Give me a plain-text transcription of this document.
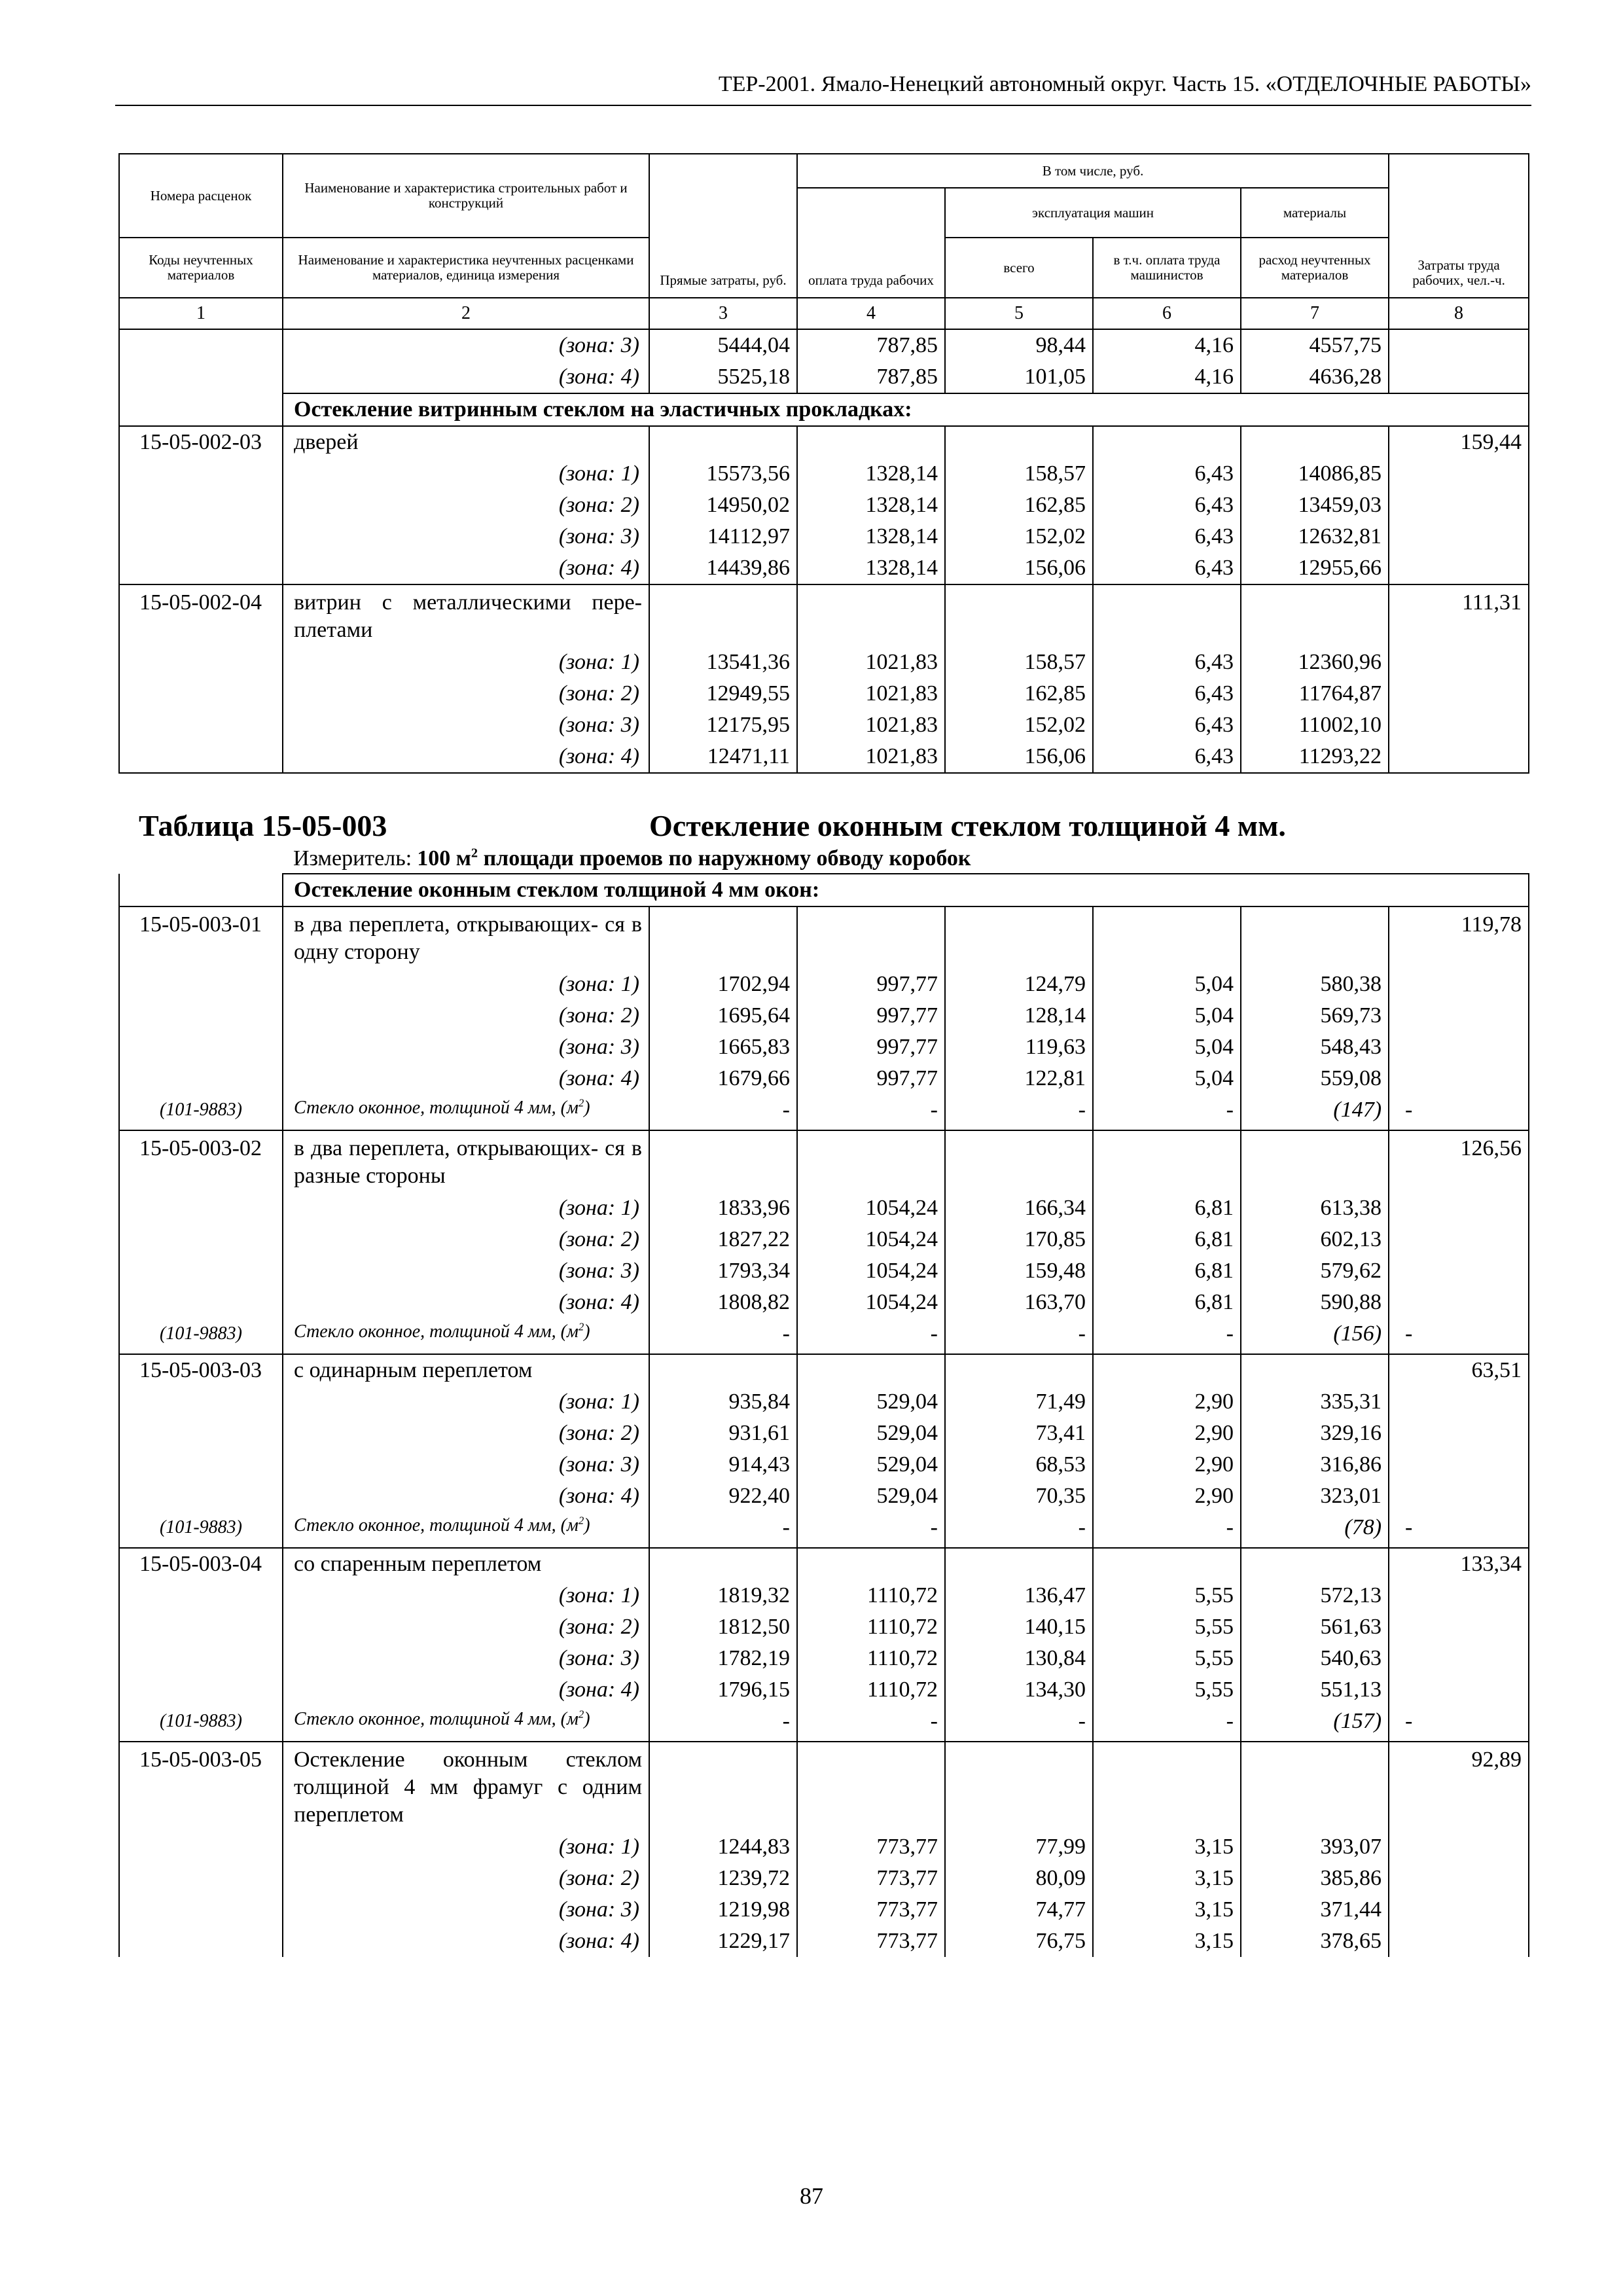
ТЕР-2001. Ямало-Ненецкий автономный округ. Часть 15. «ОТДЕЛОЧНЫЕ РАБОТЫ»
Номера расценок	Наименование и характеристика строительных работ и конструкций	Прямые затраты, руб.	В том числе, руб.				Затраты труда рабочих, чел.-ч.
			оплата труда рабочих	эксплуатация машин		материалы	
Коды неучтенных материалов	Наименование и характеристика неучтенных расценками материалов, единица измерения			всего	в т.ч. оплата труда машинистов	расход неучтенных материалов	
1	2	3	4	5	6	7	8
	(зона: 3)	5444,04	787,85	98,44	4,16	4557,75	
	(зона: 4)	5525,18	787,85	101,05	4,16	4636,28	
	Остекление витринным стеклом на эластичных прокладках:						
15-05-002-03	дверей						159,44
	(зона: 1)	15573,56	1328,14	158,57	6,43	14086,85	
	(зона: 2)	14950,02	1328,14	162,85	6,43	13459,03	
	(зона: 3)	14112,97	1328,14	152,02	6,43	12632,81	
	(зона: 4)	14439,86	1328,14	156,06	6,43	12955,66	
15-05-002-04	витрин с металлическими пере- плетами						111,31
	(зона: 1)	13541,36	1021,83	158,57	6,43	12360,96	
	(зона: 2)	12949,55	1021,83	162,85	6,43	11764,87	
	(зона: 3)	12175,95	1021,83	152,02	6,43	11002,10	
	(зона: 4)	12471,11	1021,83	156,06	6,43	11293,22	

Таблица 15-05-003		Остекление оконным стеклом толщиной 4 мм.					
	Измеритель: 100 $м^2$ площади проемов по наружному обводу коробок						
	Остекление оконным стеклом толщиной 4 мм окон:						
15-05-003-01	в два переплета, открывающих- ся в одну сторону						119,78
	(зона: 1)	1702,94	997,77	124,79	5,04	580,38	
	(зона: 2)	1695,64	997,77	128,14	5,04	569,73	
	(зона: 3)	1665,83	997,77	119,63	5,04	548,43	
	(зона: 4)	1679,66	997,77	122,81	5,04	559,08	
(101-9883)	Стекло оконное, толщиной 4 мм, $(м^2)$	-	-	-	-	(147)	-
15-05-003-02	в два переплета, открывающих- ся в разные стороны						126,56
	(зона: 1)	1833,96	1054,24	166,34	6,81	613,38	
	(зона: 2)	1827,22	1054,24	170,85	6,81	602,13	
	(зона: 3)	1793,34	1054,24	159,48	6,81	579,62	
	(зона: 4)	1808,82	1054,24	163,70	6,81	590,88	
(101-9883)	Стекло оконное, толщиной 4 мм, $(м^2)$	-	-	-	-	(156)	-
15-05-003-03	с одинарным переплетом						63,51
	(зона: 1)	935,84	529,04	71,49	2,90	335,31	
	(зона: 2)	931,61	529,04	73,41	2,90	329,16	
	(зона: 3)	914,43	529,04	68,53	2,90	316,86	
	(зона: 4)	922,40	529,04	70,35	2,90	323,01	
(101-9883)	Стекло оконное, толщиной 4 мм, $(м^2)$	-	-	-	-	(78)	-
15-05-003-04	со спаренным переплетом						133,34
	(зона: 1)	1819,32	1110,72	136,47	5,55	572,13	
	(зона: 2)	1812,50	1110,72	140,15	5,55	561,63	
	(зона: 3)	1782,19	1110,72	130,84	5,55	540,63	
	(зона: 4)	1796,15	1110,72	134,30	5,55	551,13	
(101-9883)	Стекло оконное, толщиной 4 мм, $(м^2)$	-	-	-	-	(157)	-
15-05-003-05	Остекление оконным стеклом толщиной 4 мм фрамуг с одним переплетом						92,89
	(зона: 1)	1244,83	773,77	77,99	3,15	393,07	
	(зона: 2)	1239,72	773,77	80,09	3,15	385,86	
	(зона: 3)	1219,98	773,77	74,77	3,15	371,44	
	(зона: 4)	1229,17	773,77	76,75	3,15	378,65	
87
